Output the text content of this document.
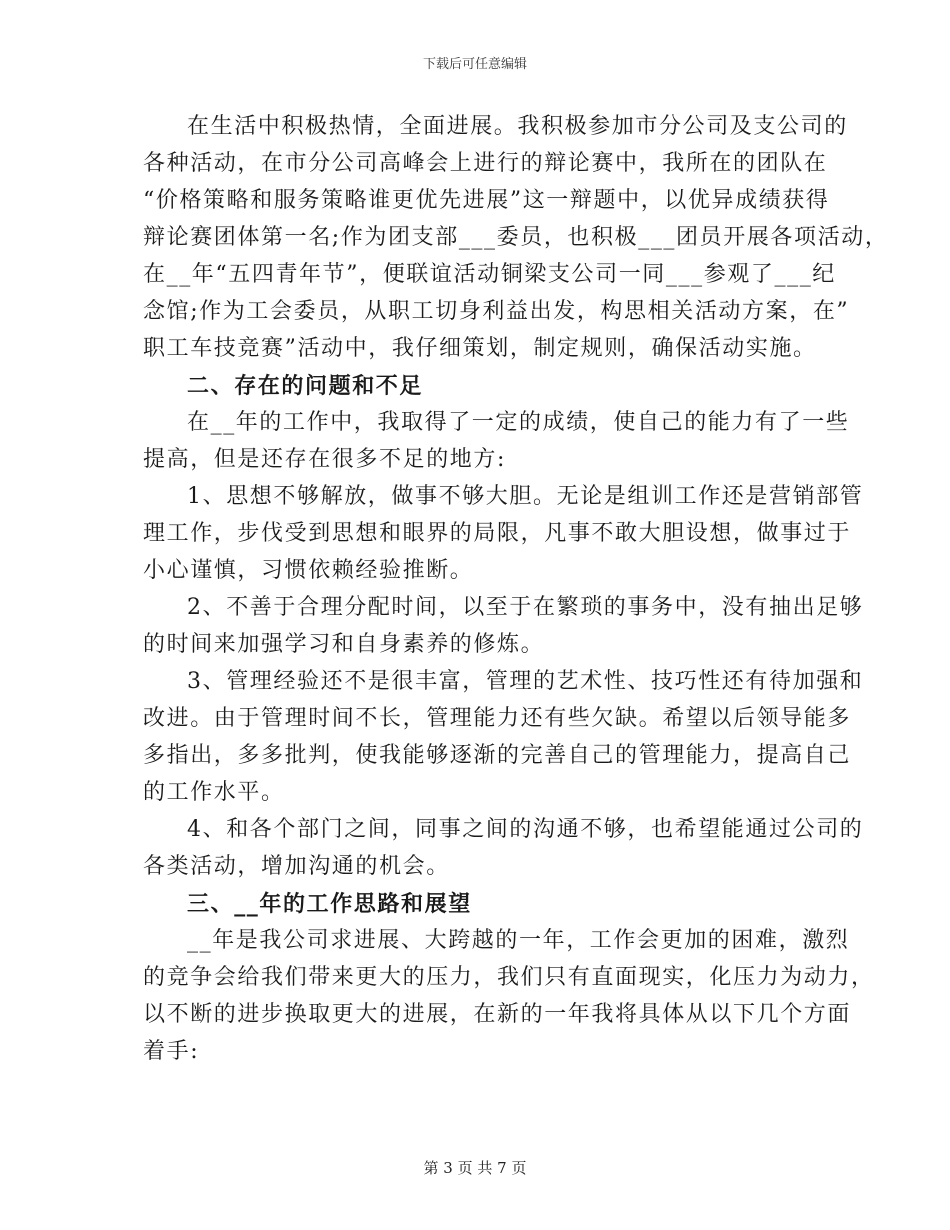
下载后可任意编辑
在生活中积极热情，全面进展。我积极参加市分公司及支公司的
各种活动，在市分公司高峰会上进行的辩论赛中，我所在的团队在
“价格策略和服务策略谁更优先进展”这一辩题中，以优异成绩获得
辩论赛团体第一名;作为团支部___委员，也积极___团员开展各项活动，
在__年“五四青年节”，便联谊活动铜梁支公司一同___参观了___纪
念馆;作为工会委员，从职工切身利益出发，构思相关活动方案，在”
职工车技竞赛”活动中，我仔细策划，制定规则，确保活动实施。
二、存在的问题和不足
在__年的工作中，我取得了一定的成绩，使自己的能力有了一些
提高，但是还存在很多不足的地方:
1、思想不够解放，做事不够大胆。无论是组训工作还是营销部管
理工作，步伐受到思想和眼界的局限，凡事不敢大胆设想，做事过于
小心谨慎，习惯依赖经验推断。
2、不善于合理分配时间，以至于在繁琐的事务中，没有抽出足够
的时间来加强学习和自身素养的修炼。
3、管理经验还不是很丰富，管理的艺术性、技巧性还有待加强和
改进。由于管理时间不长，管理能力还有些欠缺。希望以后领导能多
多指出，多多批判，使我能够逐渐的完善自己的管理能力，提高自己
的工作水平。
4、和各个部门之间，同事之间的沟通不够，也希望能通过公司的
各类活动，增加沟通的机会。
三、__年的工作思路和展望
__年是我公司求进展、大跨越的一年，工作会更加的困难，激烈
的竞争会给我们带来更大的压力，我们只有直面现实，化压力为动力，
以不断的进步换取更大的进展，在新的一年我将具体从以下几个方面
着手:
第 3 页 共 7 页
